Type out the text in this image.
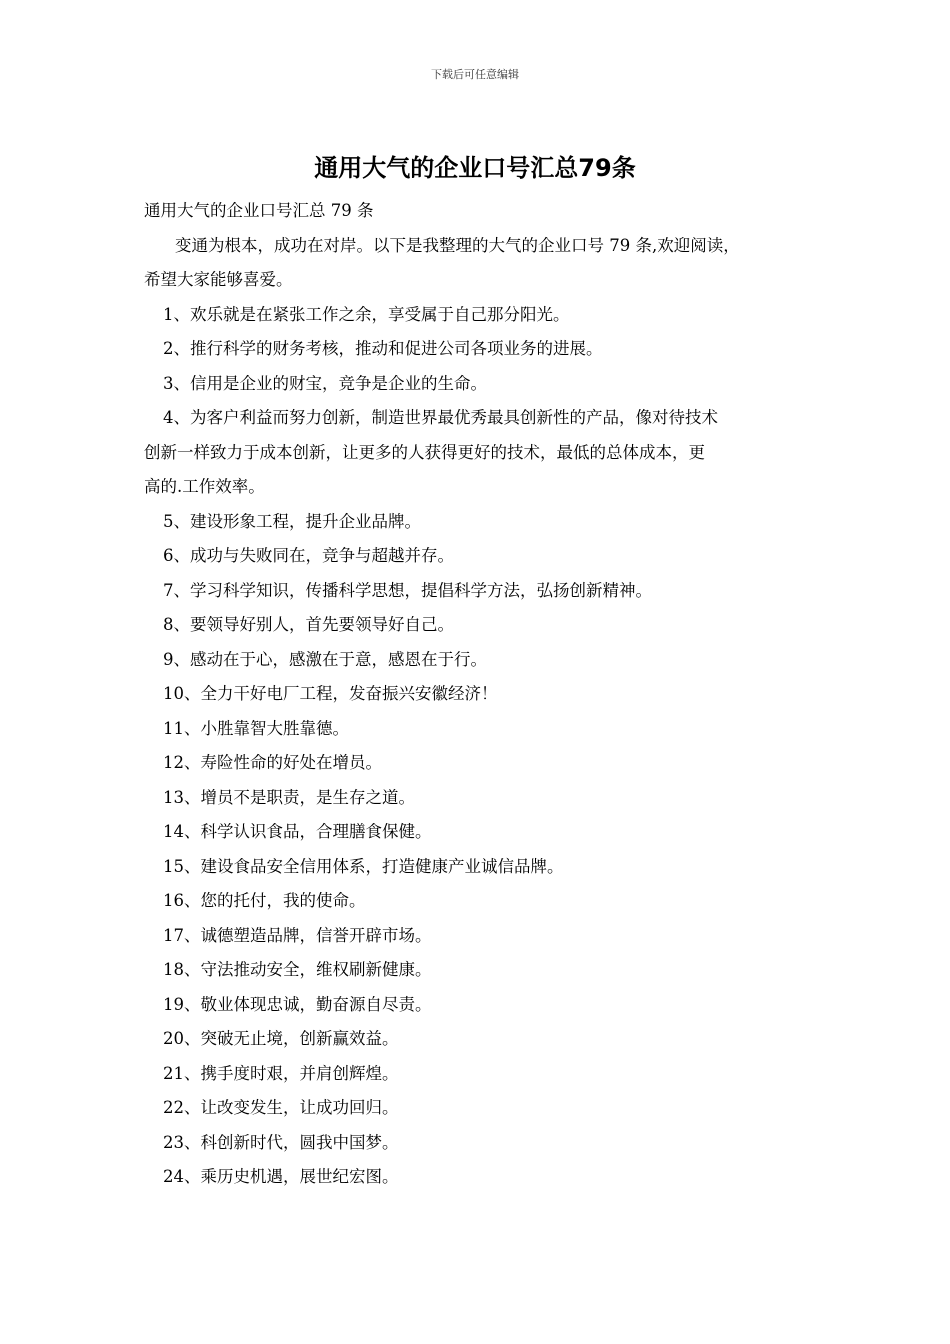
下载后可任意编辑
通用大气的企业口号汇总79条
通用大气的企业口号汇总 79 条
变通为根本，成功在对岸。以下是我整理的大气的企业口号 79 条,欢迎阅读，
希望大家能够喜爱。
1、欢乐就是在紧张工作之余，享受属于自己那分阳光。
2、推行科学的财务考核，推动和促进公司各项业务的进展。
3、信用是企业的财宝，竞争是企业的生命。
4、为客户利益而努力创新，制造世界最优秀最具创新性的产品，像对待技术
创新一样致力于成本创新，让更多的人获得更好的技术，最低的总体成本，更
高的.工作效率。
5、建设形象工程，提升企业品牌。
6、成功与失败同在，竞争与超越并存。
7、学习科学知识，传播科学思想，提倡科学方法，弘扬创新精神。
8、要领导好别人，首先要领导好自己。
9、感动在于心，感激在于意，感恩在于行。
10、全力干好电厂工程，发奋振兴安徽经济！
11、小胜靠智大胜靠德。
12、寿险性命的好处在增员。
13、增员不是职责，是生存之道。
14、科学认识食品，合理膳食保健。
15、建设食品安全信用体系，打造健康产业诚信品牌。
16、您的托付，我的使命。
17、诚德塑造品牌，信誉开辟市场。
18、守法推动安全，维权刷新健康。
19、敬业体现忠诚，勤奋源自尽责。
20、突破无止境，创新赢效益。
21、携手度时艰，并肩创辉煌。
22、让改变发生，让成功回归。
23、科创新时代，圆我中国梦。
24、乘历史机遇，展世纪宏图。
